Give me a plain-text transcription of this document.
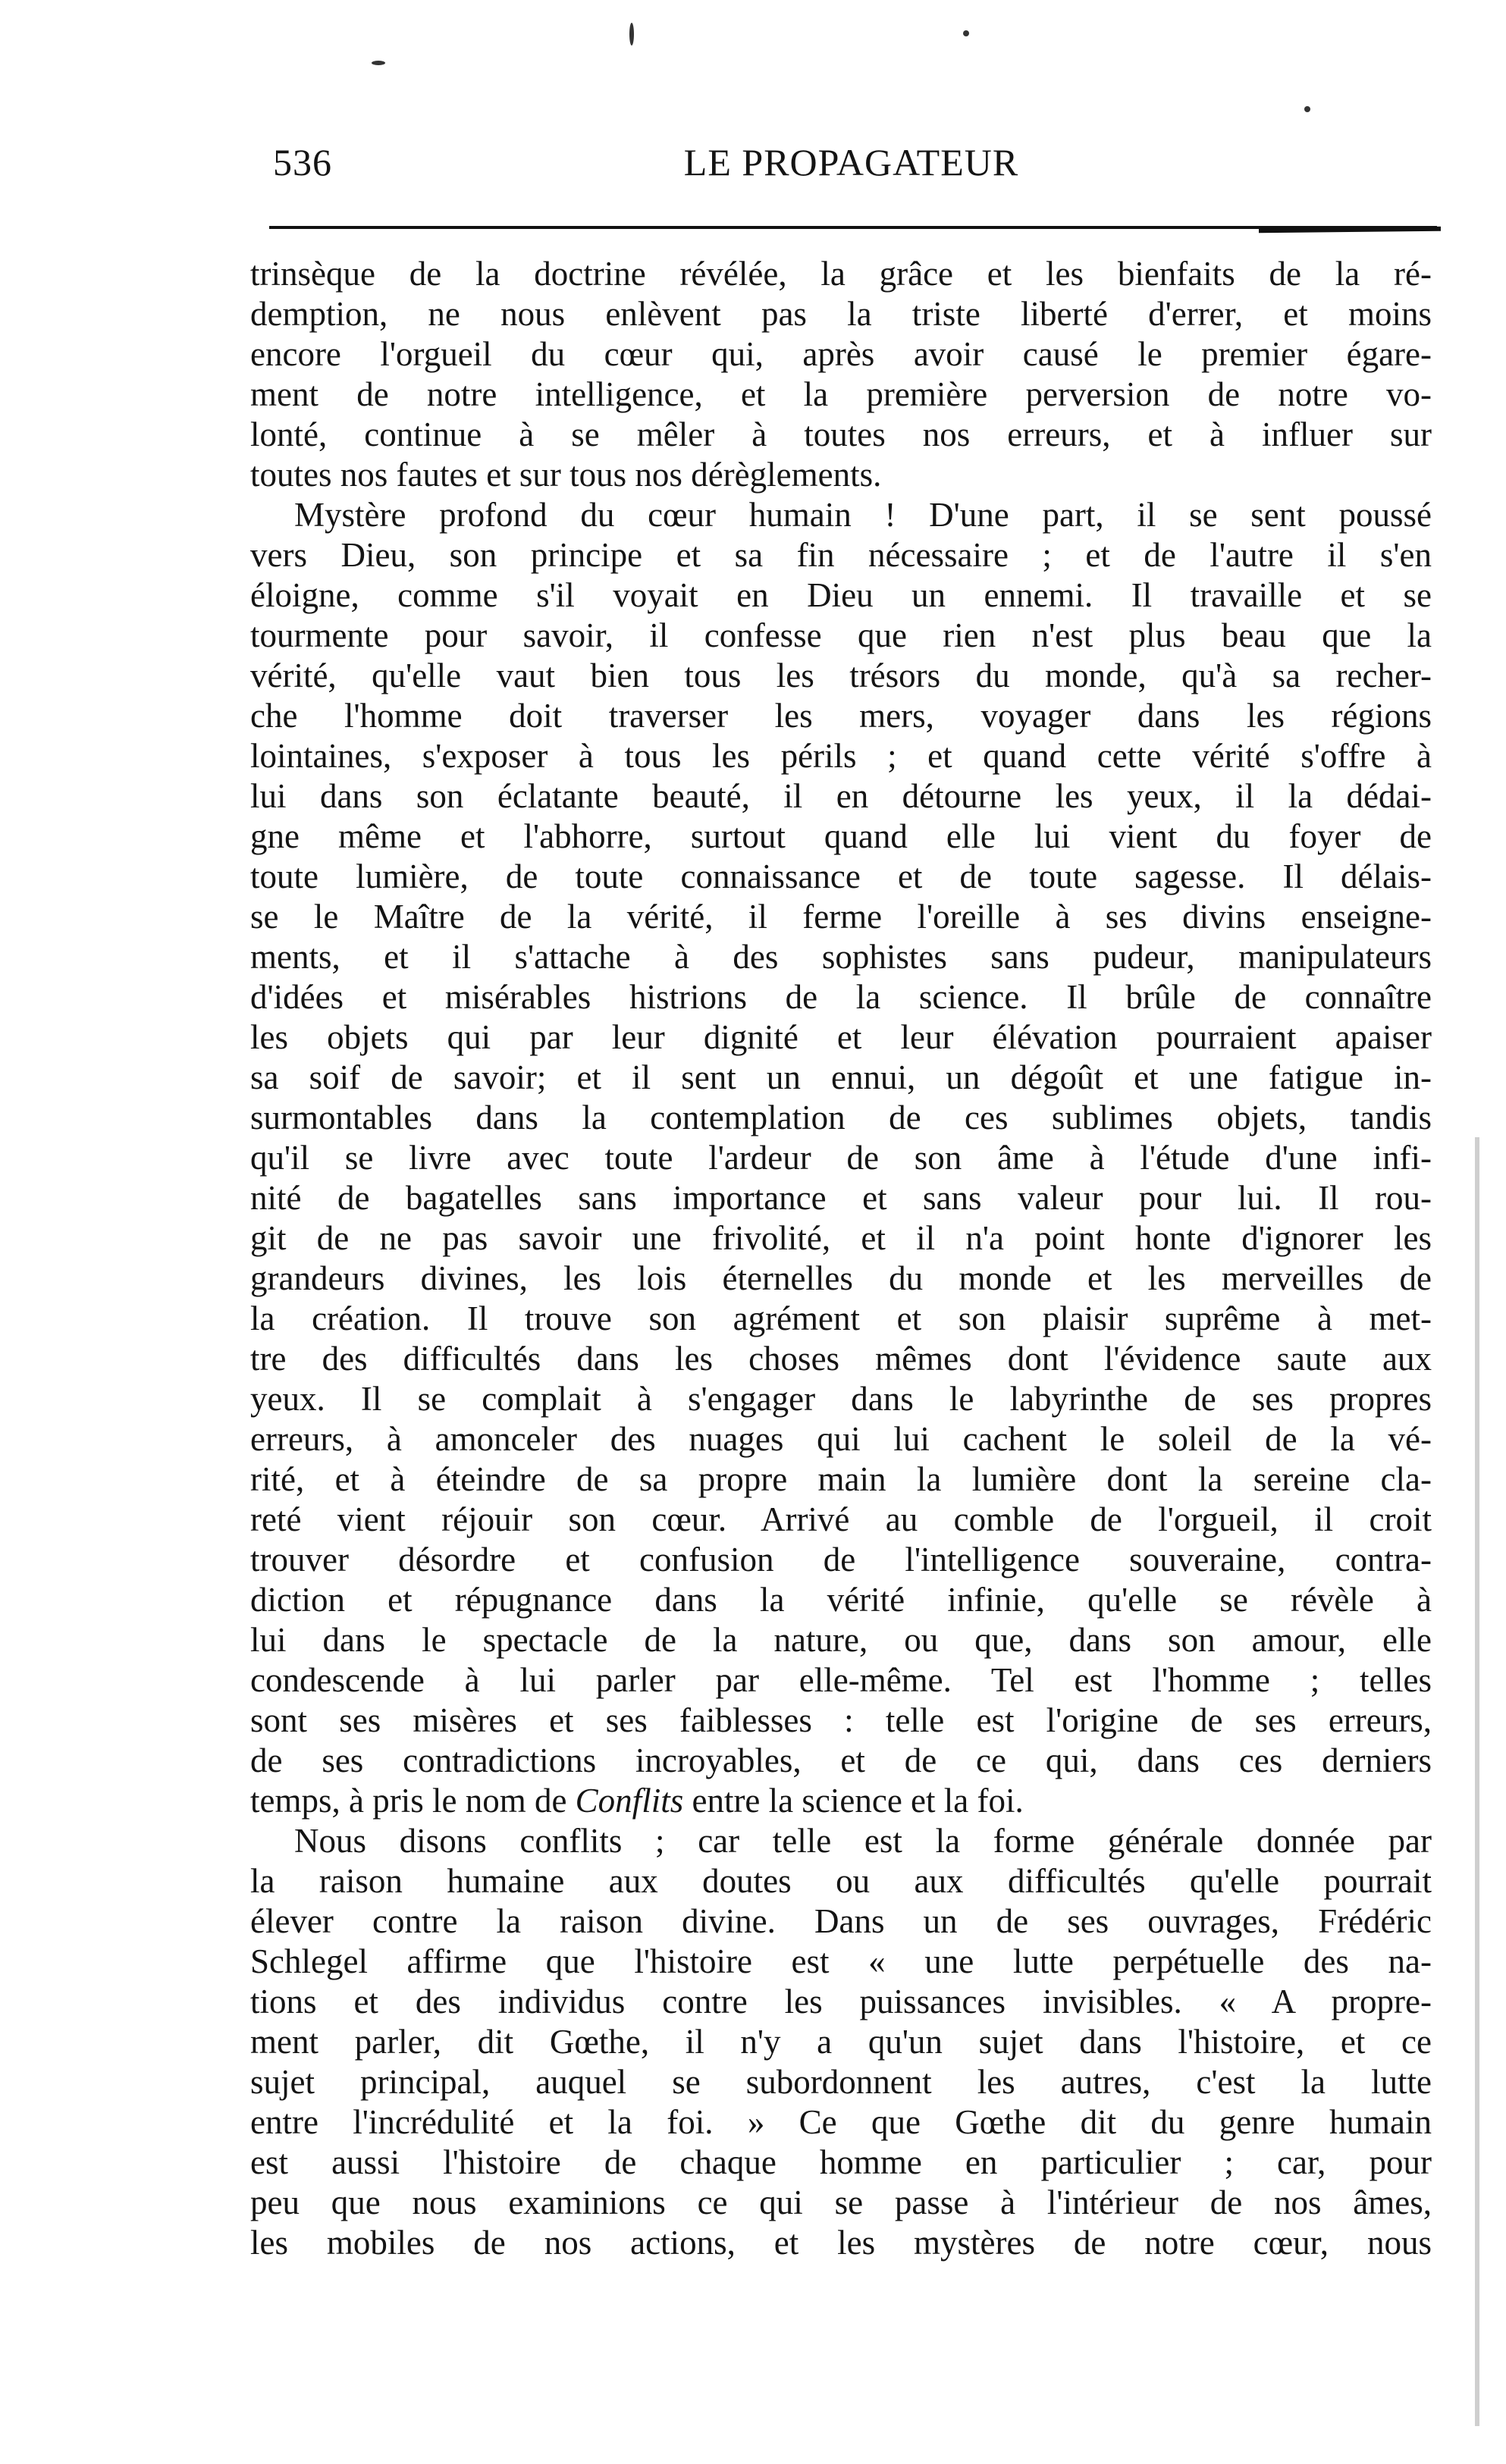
536	LE PROPAGATEUR
trinsèque de la doctrine révélée, la grâce et les bienfaits de la ré-
demption, ne nous enlèvent pas la triste liberté d'errer, et moins
encore l'orgueil du cœur qui, après avoir causé le premier égare-
ment de notre intelligence, et la première perversion de notre vo-
lonté, continue à se mêler à toutes nos erreurs, et à influer sur
toutes nos fautes et sur tous nos dérèglements.
Mystère profond du cœur humain ! D'une part, il se sent poussé
vers Dieu, son principe et sa fin nécessaire ; et de l'autre il s'en
éloigne, comme s'il voyait en Dieu un ennemi. Il travaille et se
tourmente pour savoir, il confesse que rien n'est plus beau que la
vérité, qu'elle vaut bien tous les trésors du monde, qu'à sa recher-
che l'homme doit traverser les mers, voyager dans les régions
lointaines, s'exposer à tous les périls ; et quand cette vérité s'offre à
lui dans son éclatante beauté, il en détourne les yeux, il la dédai-
gne même et l'abhorre, surtout quand elle lui vient du foyer de
toute lumière, de toute connaissance et de toute sagesse. Il délais-
se le Maître de la vérité, il ferme l'oreille à ses divins enseigne-
ments, et il s'attache à des sophistes sans pudeur, manipulateurs
d'idées et misérables histrions de la science. Il brûle de connaître
les objets qui par leur dignité et leur élévation pourraient apaiser
sa soif de savoir; et il sent un ennui, un dégoût et une fatigue in-
surmontables dans la contemplation de ces sublimes objets, tandis
qu'il se livre avec toute l'ardeur de son âme à l'étude d'une infi-
nité de bagatelles sans importance et sans valeur pour lui. Il rou-
git de ne pas savoir une frivolité, et il n'a point honte d'ignorer les
grandeurs divines, les lois éternelles du monde et les merveilles de
la création. Il trouve son agrément et son plaisir suprême à met-
tre des difficultés dans les choses mêmes dont l'évidence saute aux
yeux. Il se complait à s'engager dans le labyrinthe de ses propres
erreurs, à amonceler des nuages qui lui cachent le soleil de la vé-
rité, et à éteindre de sa propre main la lumière dont la sereine cla-
reté vient réjouir son cœur. Arrivé au comble de l'orgueil, il croit
trouver désordre et confusion de l'intelligence souveraine, contra-
diction et répugnance dans la vérité infinie, qu'elle se révèle à
lui dans le spectacle de la nature, ou que, dans son amour, elle
condescende à lui parler par elle-même. Tel est l'homme ; telles
sont ses misères et ses faiblesses : telle est l'origine de ses erreurs,
de ses contradictions incroyables, et de ce qui, dans ces derniers
temps, à pris le nom de Conflits entre la science et la foi.
Nous disons conflits ; car telle est la forme générale donnée par
la raison humaine aux doutes ou aux difficultés qu'elle pourrait
élever contre la raison divine. Dans un de ses ouvrages, Frédéric
Schlegel affirme que l'histoire est « une lutte perpétuelle des na-
tions et des individus contre les puissances invisibles. « A propre-
ment parler, dit Gœthe, il n'y a qu'un sujet dans l'histoire, et ce
sujet principal, auquel se subordonnent les autres, c'est la lutte
entre l'incrédulité et la foi. » Ce que Gœthe dit du genre humain
est aussi l'histoire de chaque homme en particulier ; car, pour
peu que nous examinions ce qui se passe à l'intérieur de nos âmes,
les mobiles de nos actions, et les mystères de notre cœur, nous
